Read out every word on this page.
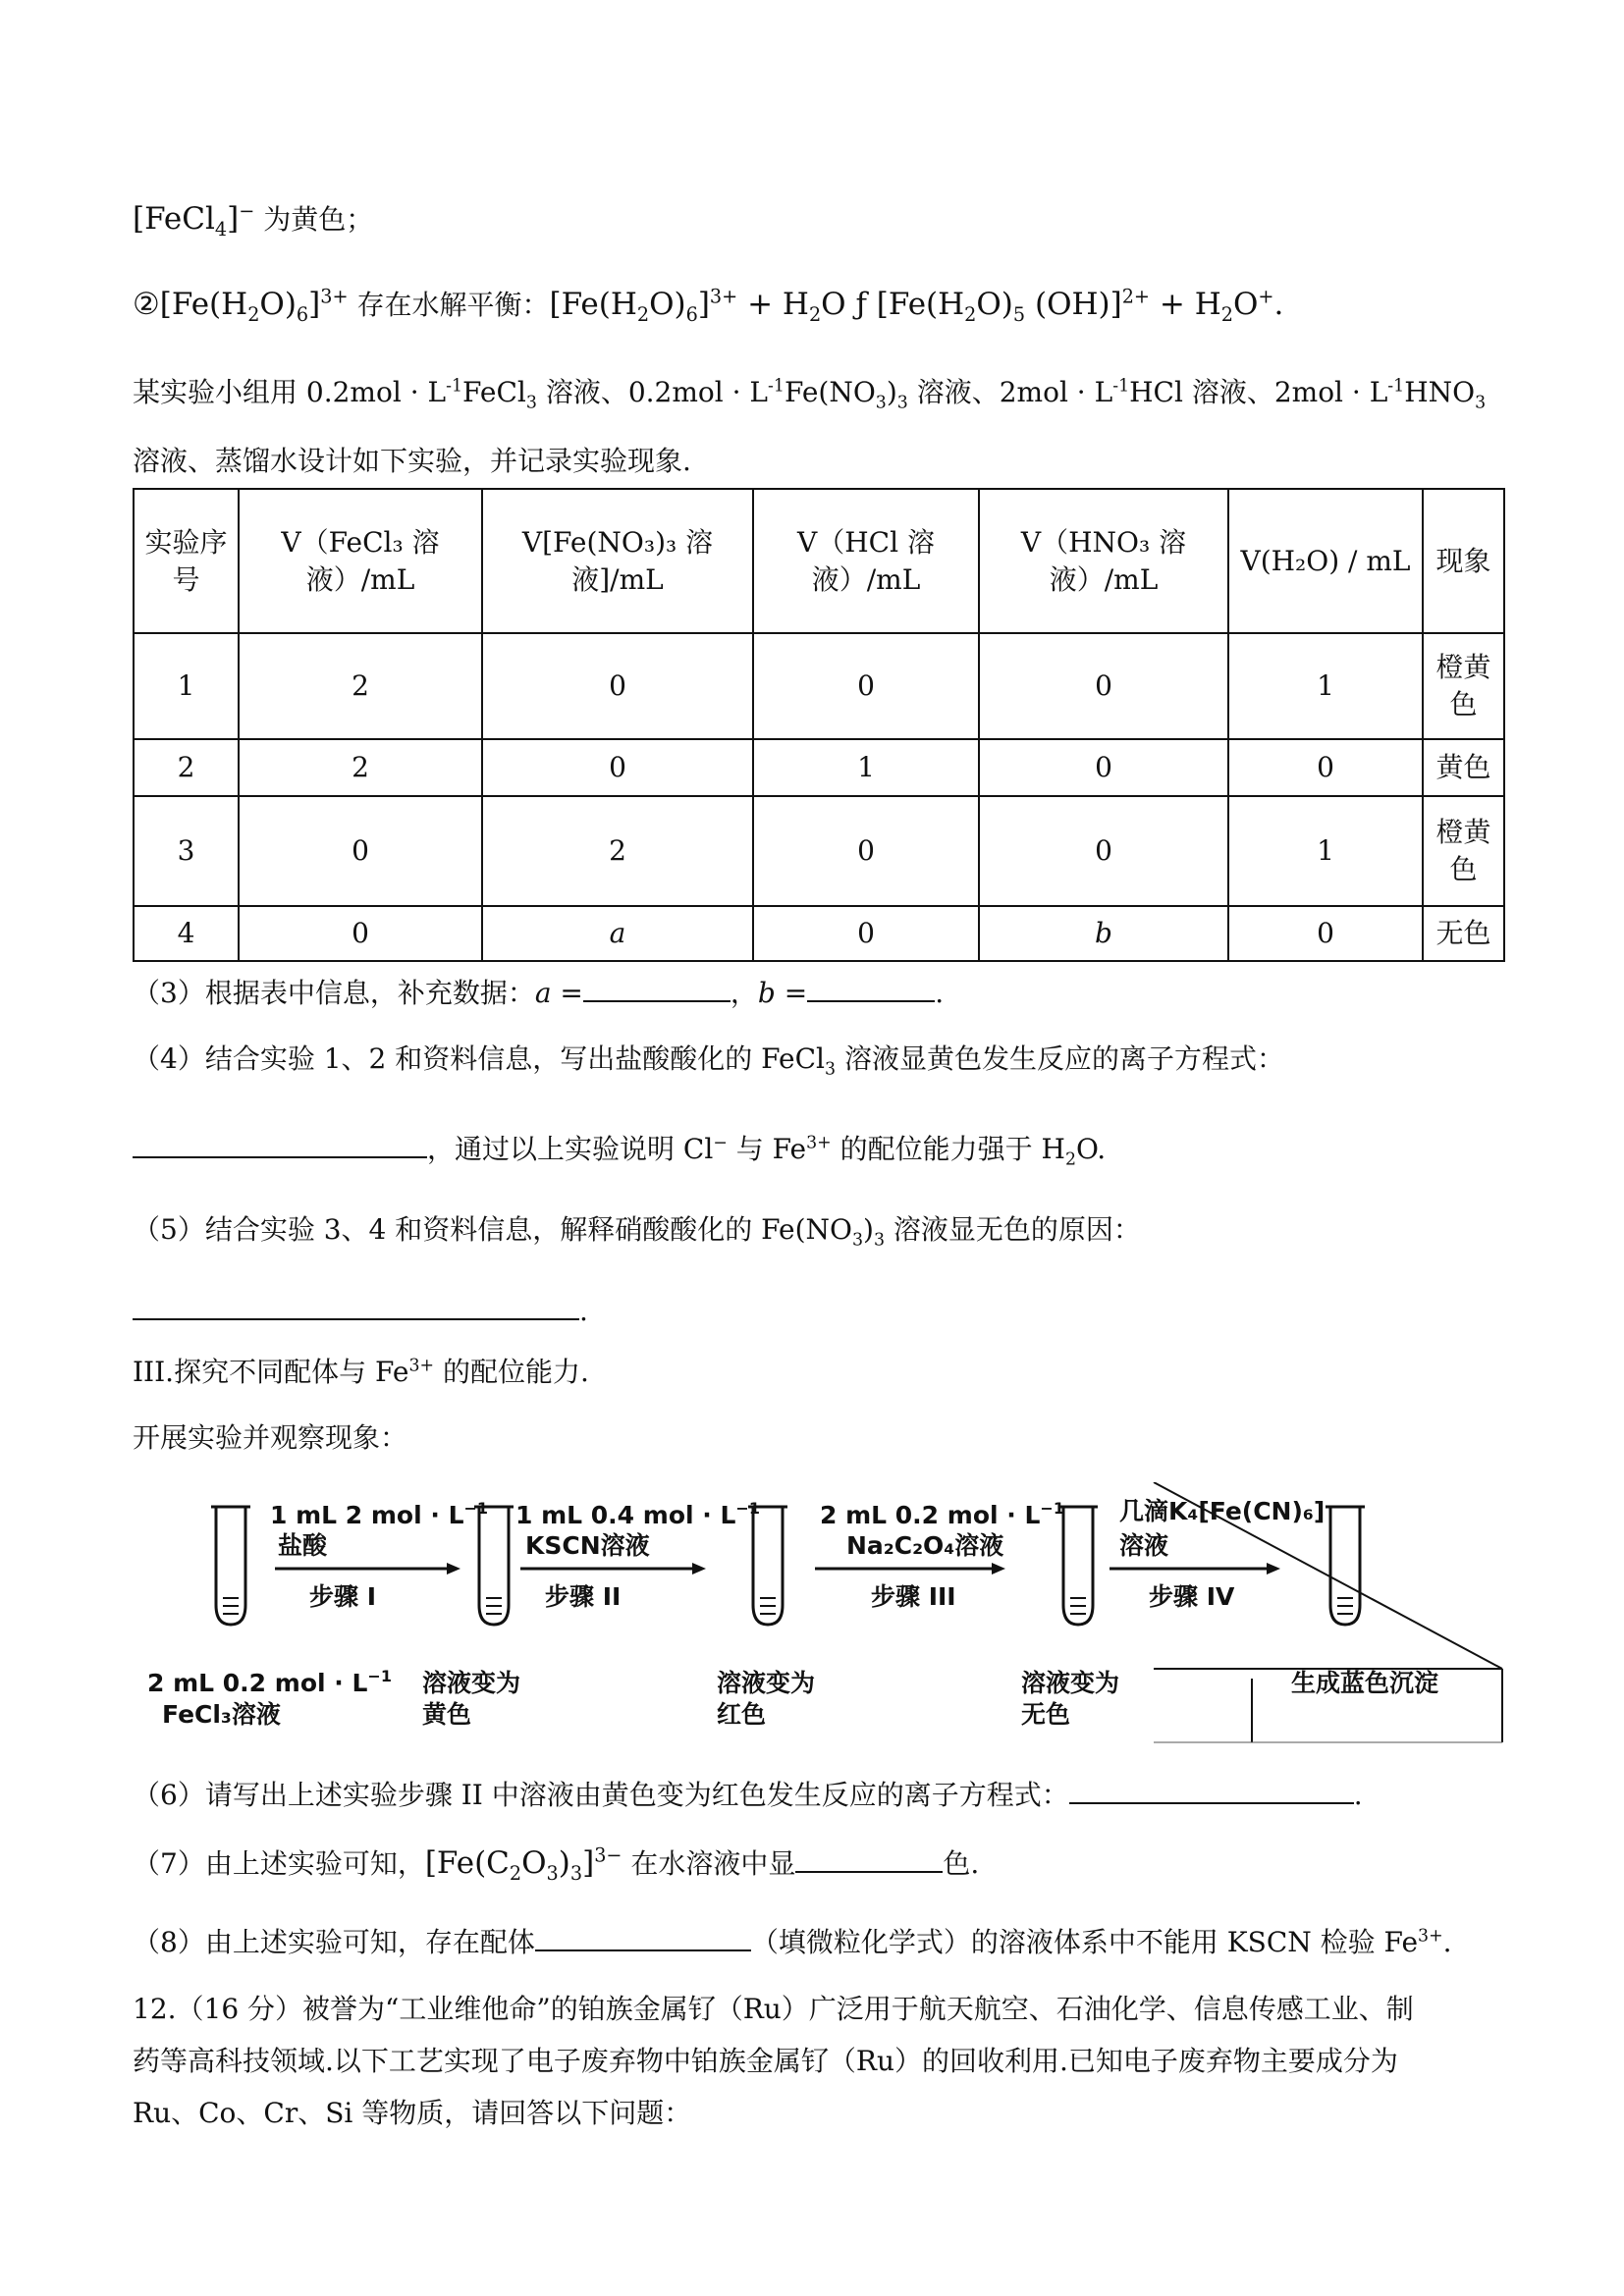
[FeCl$_4$]− 为黄色；
$②[Fe(H_2O)_6]^{3+}$ 存在水解平衡：$[Fe(H_2O)_6]^{3+} + H_2O$ ƒ [$Fe(H_2O)_5$ $(OH)]^{2+} + H_2O^+$.
某实验小组用 $0.2mol \cdot L^{-1}FeCl_3$ 溶液、$0.2mol \cdot L^{-1}Fe(NO_3)_3$ 溶液、$2mol \cdot L^{-1}HCl$ 溶液、$2mol \cdot L^{-1}HNO_3$
溶液、蒸馏水设计如下实验，并记录实验现象.
实验序号	V（FeCl₃ 溶液）/mL	V[Fe(NO₃)₃ 溶液]/mL	V（HCl 溶液）/mL	V（HNO₃ 溶液）/mL	V(H₂O) / mL	现象
1	2	0	0	0	1	橙黄色
2	2	0	1	0	0	黄色
3	0	2	0	0	1	橙黄色
4	0	a	0	b	0	无色
（3）根据表中信息，补充数据：a =	，b =	.
（4）结合实验 1、2 和资料信息，写出盐酸酸化的 FeCl$_3$ 溶液显黄色发生反应的离子方程式：
，通过以上实验说明 Cl− 与 $Fe^{3+}$ 的配位能力强于 $H_2O$.
（5）结合实验 3、4 和资料信息，解释硝酸酸化的 $Fe(NO_3)_3$ 溶液显无色的原因：
.
III.探究不同配体与 $Fe^{3+}$ 的配位能力.
开展实验并观察现象：
1 mL 2 mol · $L^{-1}$
盐酸
步骤 I
1 mL 0.4 mol · $L^{-1}$
KSCN溶液
步骤 II
2 mL 0.2 mol · $L^{-1}$
Na₂C₂O₄溶液
步骤 III
几滴K₄[Fe(CN)₆]
溶液
步骤 IV
2 mL 0.2 mol · $L^{-1}$
FeCl₃溶液
溶液变为
黄色
溶液变为
红色
溶液变为
无色
生成蓝色沉淀
（6）请写出上述实验步骤 II 中溶液由黄色变为红色发生反应的离子方程式：	.
（7）由上述实验可知，$[Fe(C_2O_3)_3]^{3-}$ 在水溶液中显	色.
（8）由上述实验可知，存在配体	（填微粒化学式）的溶液体系中不能用 KSCN 检验 $Fe^{3+}$.
12.（16 分）被誉为“工业维他命”的铂族金属钌（Ru）广泛用于航天航空、石油化学、信息传感工业、制
药等高科技领域.以下工艺实现了电子废弃物中铂族金属钌（Ru）的回收利用.已知电子废弃物主要成分为
Ru、Co、Cr、Si 等物质，请回答以下问题：
